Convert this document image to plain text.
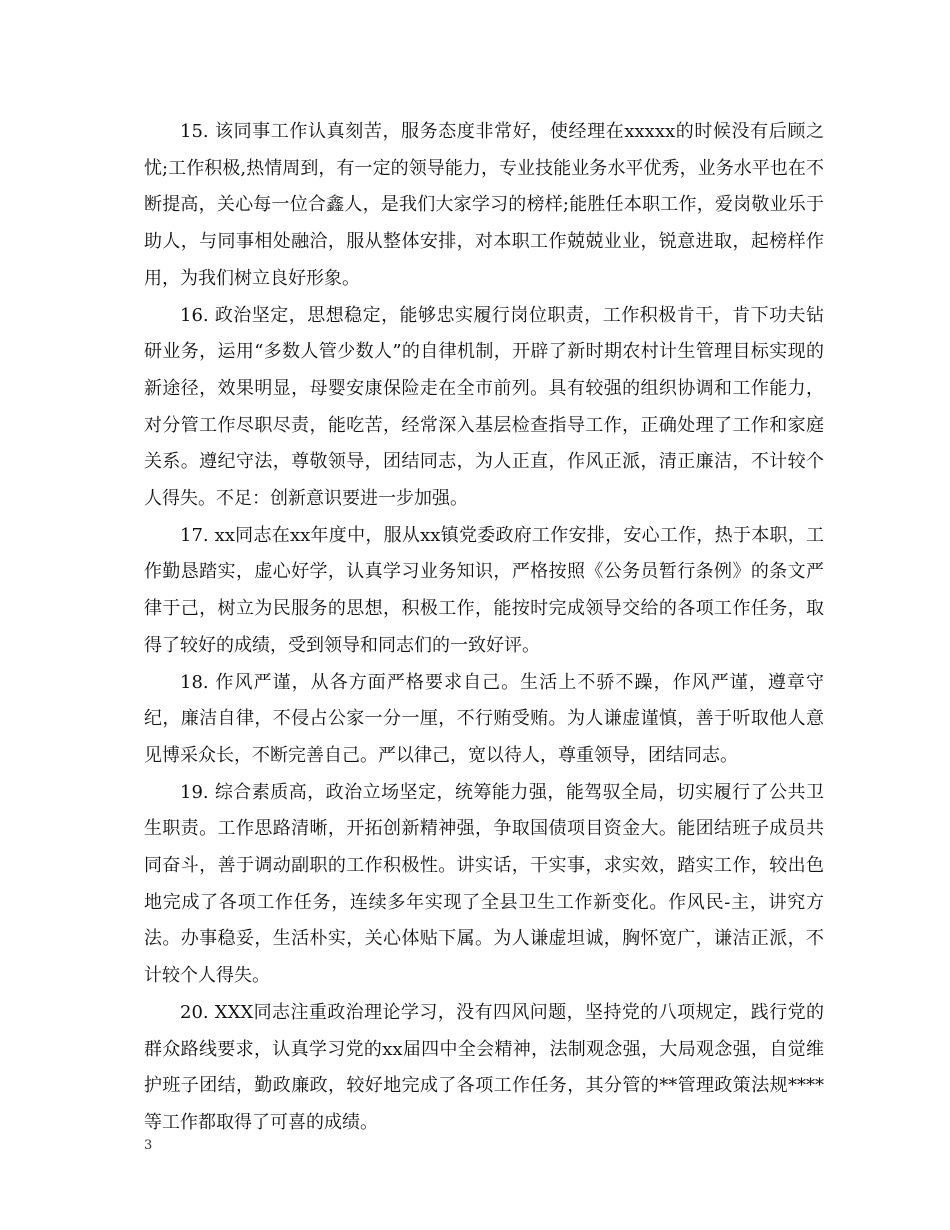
15. 该同事工作认真刻苦，服务态度非常好，使经理在xxxxx的时候没有后顾之忧;工作积极,热情周到，有一定的领导能力，专业技能业务水平优秀，业务水平也在不断提高，关心每一位合鑫人，是我们大家学习的榜样;能胜任本职工作，爱岗敬业乐于助人，与同事相处融洽，服从整体安排，对本职工作兢兢业业，锐意进取，起榜样作用，为我们树立良好形象。

16. 政治坚定，思想稳定，能够忠实履行岗位职责，工作积极肯干，肯下功夫钻研业务，运用“多数人管少数人”的自律机制，开辟了新时期农村计生管理目标实现的新途径，效果明显，母婴安康保险走在全市前列。具有较强的组织协调和工作能力，对分管工作尽职尽责，能吃苦，经常深入基层检查指导工作，正确处理了工作和家庭关系。遵纪守法，尊敬领导，团结同志，为人正直，作风正派，清正廉洁，不计较个人得失。不足：创新意识要进一步加强。

17. xx同志在xx年度中，服从xx镇党委政府工作安排，安心工作，热于本职，工作勤恳踏实，虚心好学，认真学习业务知识，严格按照《公务员暂行条例》的条文严律于己，树立为民服务的思想，积极工作，能按时完成领导交给的各项工作任务，取得了较好的成绩，受到领导和同志们的一致好评。

18. 作风严谨，从各方面严格要求自己。生活上不骄不躁，作风严谨，遵章守纪，廉洁自律，不侵占公家一分一厘，不行贿受贿。为人谦虚谨慎，善于听取他人意见博采众长，不断完善自己。严以律己，宽以待人，尊重领导，团结同志。

19. 综合素质高，政治立场坚定，统筹能力强，能驾驭全局，切实履行了公共卫生职责。工作思路清晰，开拓创新精神强，争取国债项目资金大。能团结班子成员共同奋斗，善于调动副职的工作积极性。讲实话，干实事，求实效，踏实工作，较出色地完成了各项工作任务，连续多年实现了全县卫生工作新变化。作风民-主，讲究方法。办事稳妥，生活朴实，关心体贴下属。为人谦虚坦诚，胸怀宽广，谦洁正派，不计较个人得失。

20. XXX同志注重政治理论学习，没有四风问题，坚持党的八项规定，践行党的群众路线要求，认真学习党的xx届四中全会精神，法制观念强，大局观念强，自觉维护班子团结，勤政廉政，较好地完成了各项工作任务，其分管的**管理政策法规****等工作都取得了可喜的成绩。

3
